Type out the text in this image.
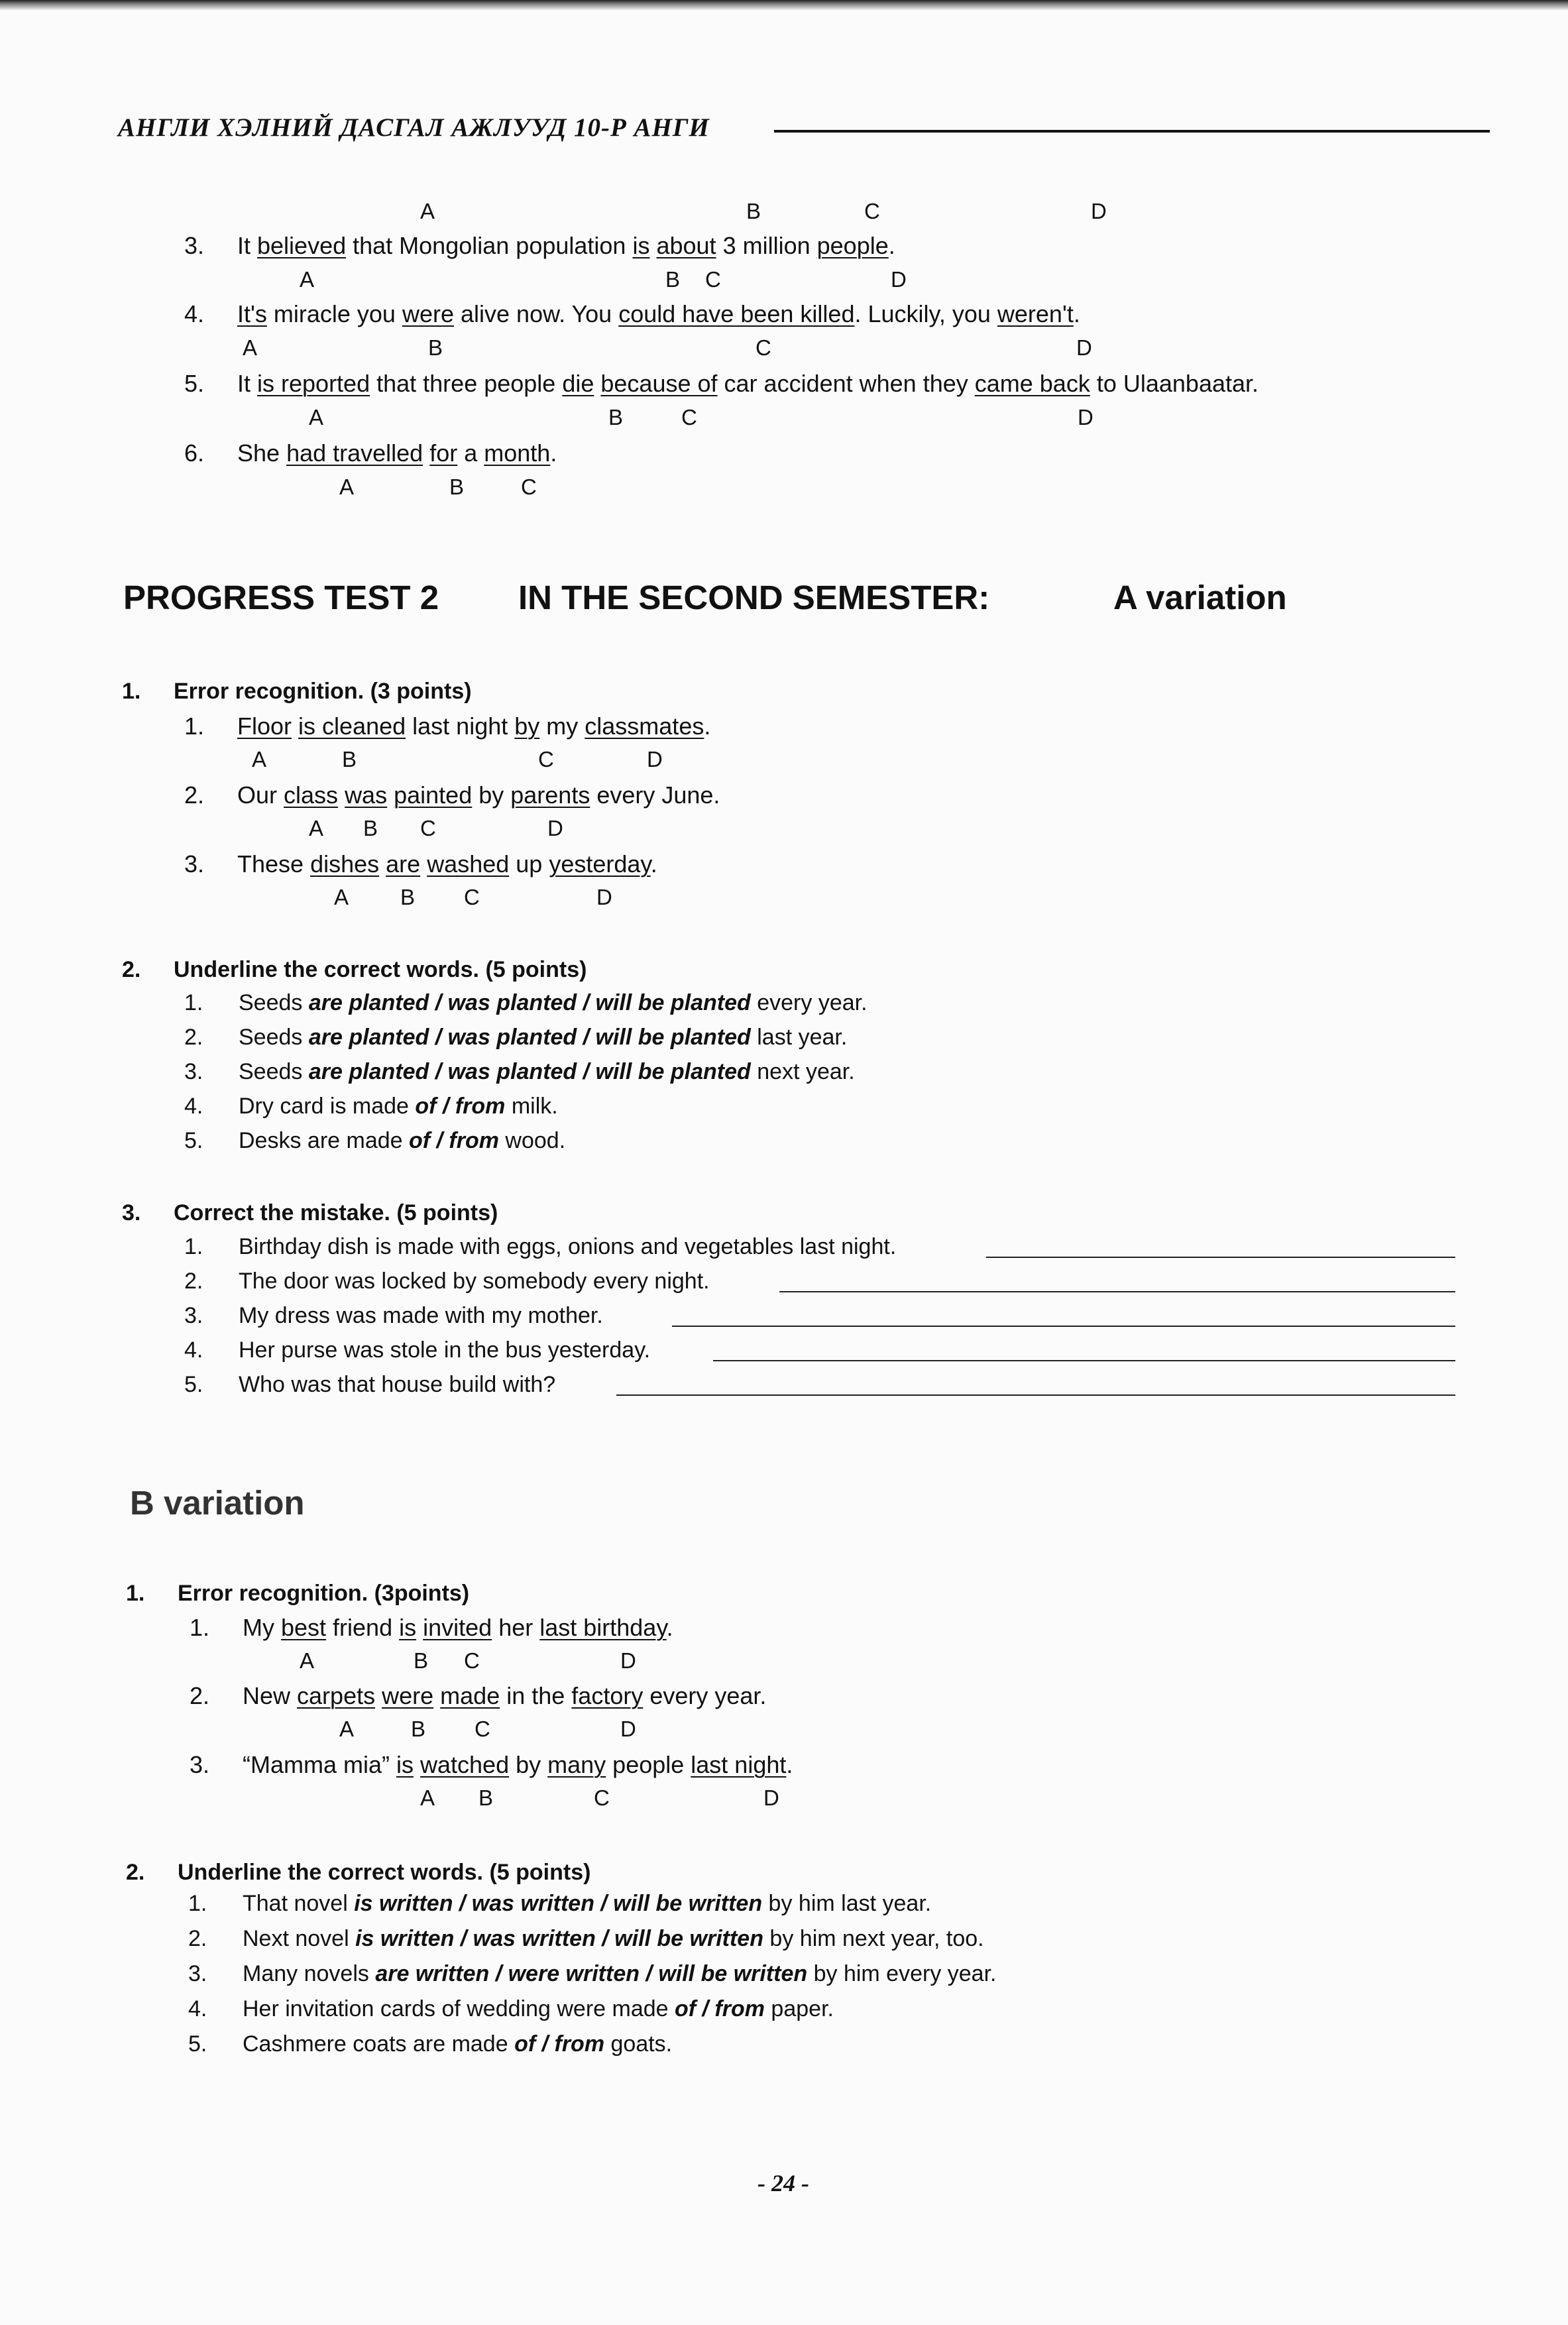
АНГЛИ ХЭЛНИЙ ДАСГАЛ АЖЛУУД 10-Р АНГИ
A	B	C	D
3. It believed that Mongolian population is about 3 million people.
A	B C	D
4. It's miracle you were alive now. You could have been killed. Luckily, you weren't.
A	B	C	D
5. It is reported that three people die because of car accident when they came back to Ulaanbaatar.
A	B	C	D
6. She had travelled for a month.
A	B	C
PROGRESS TEST 2 IN THE SECOND SEMESTER:	A variation
1. Error recognition. (3 points)
1. Floor is cleaned last night by my classmates.
A	B	C	D
2. Our class was painted by parents every June.
A B C	D
3. These dishes are washed up yesterday.
A B C	D
2. Underline the correct words. (5 points)
1.	Seeds are planted / was planted / will be planted every year.
2.	Seeds are planted / was planted / will be planted last year.
3.	Seeds are planted / was planted / will be planted next year.
4.	Dry card is made of / from milk.
5.	Desks are made of / from wood.
3. Correct the mistake. (5 points)
1.	Birthday dish is made with eggs, onions and vegetables last night.
2.	The door was locked by somebody every night.
3.	My dress was made with my mother.
4.	Her purse was stole in the bus yesterday.
5.	Who was that house build with?
B variation
1. Error recognition. (3points)
1. My best friend is invited her last birthday.
A	B C	D
2. New carpets were made in the factory every year.
A	B C	D
3. “Mamma mia” is watched by many people last night.
A B	C	D
2. Underline the correct words. (5 points)
1.	That novel is written / was written / will be written by him last year.
2.	Next novel is written / was written / will be written by him next year, too.
3.	Many novels are written / were written / will be written by him every year.
4.	Her invitation cards of wedding were made of / from paper.
5.	Cashmere coats are made of / from goats.
- 24 -
